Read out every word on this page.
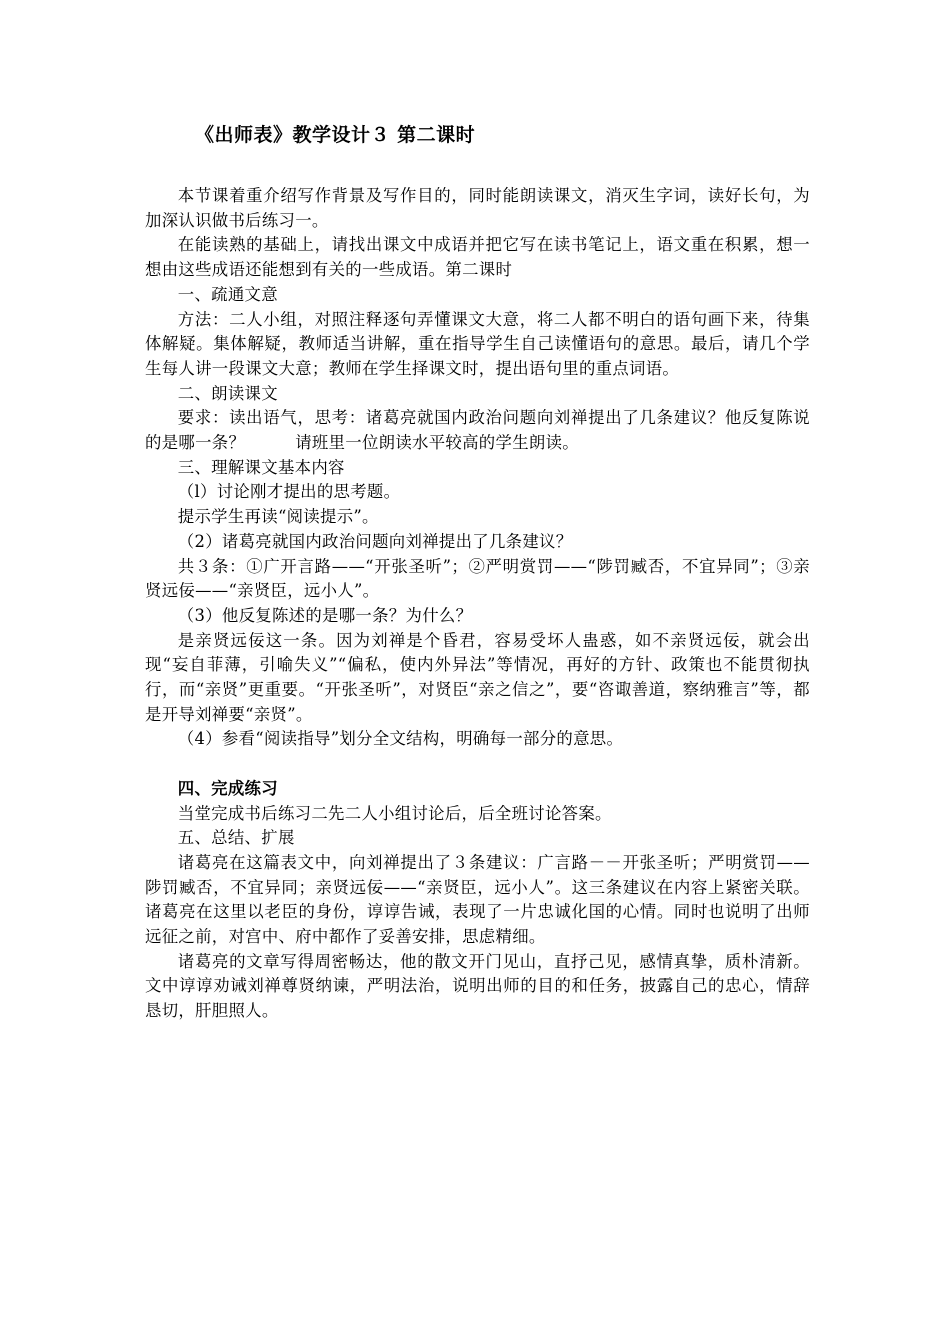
《出师表》教学设计３ 第二课时

本节课着重介绍写作背景及写作目的，同时能朗读课文，消灭生字词，读好长句，为加深认识做书后练习一。

在能读熟的基础上，请找出课文中成语并把它写在读书笔记上，语文重在积累，想一想由这些成语还能想到有关的一些成语。第二课时

一、疏通文意

方法：二人小组，对照注释逐句弄懂课文大意，将二人都不明白的语句画下来，待集体解疑。集体解疑，教师适当讲解，重在指导学生自己读懂语句的意思。最后，请几个学生每人讲一段课文大意；教师在学生择课文时，提出语句里的重点词语。

二、朗读课文

要求：读出语气，思考：诸葛亮就国内政治问题向刘禅提出了几条建议？他反复陈说的是哪一条？　　　请班里一位朗读水平较高的学生朗读。

三、理解课文基本内容

（l）讨论刚才提出的思考题。

提示学生再读“阅读提示”。

（2）诸葛亮就国内政治问题向刘禅提出了几条建议？

共３条：①广开言路——“开张圣听”；②严明赏罚——“陟罚臧否，不宜异同”；③亲贤远佞——“亲贤臣，远小人”。

（3）他反复陈述的是哪一条？为什么？

是亲贤远佞这一条。因为刘禅是个昏君，容易受坏人蛊惑，如不亲贤远佞，就会出现“妄自菲薄，引喻失义”“偏私，使内外异法”等情况，再好的方针、政策也不能贯彻执行，而“亲贤”更重要。“开张圣听”，对贤臣“亲之信之”，要“咨诹善道，察纳雅言”等，都是开导刘禅要“亲贤”。

（4）参看“阅读指导”划分全文结构，明确每一部分的意思。

四、完成练习

当堂完成书后练习二先二人小组讨论后，后全班讨论答案。

五、总结、扩展

诸葛亮在这篇表文中，向刘禅提出了３条建议：广言路－－开张圣听；严明赏罚——陟罚臧否，不宜异同；亲贤远佞——“亲贤臣，远小人”。这三条建议在内容上紧密关联。诸葛亮在这里以老臣的身份，谆谆告诫，表现了一片忠诚化国的心情。同时也说明了出师远征之前，对宫中、府中都作了妥善安排，思虑精细。

诸葛亮的文章写得周密畅达，他的散文开门见山，直抒己见，感情真挚，质朴清新。文中谆谆劝诫刘禅尊贤纳谏，严明法治，说明出师的目的和任务，披露自己的忠心，情辞恳切，肝胆照人。
